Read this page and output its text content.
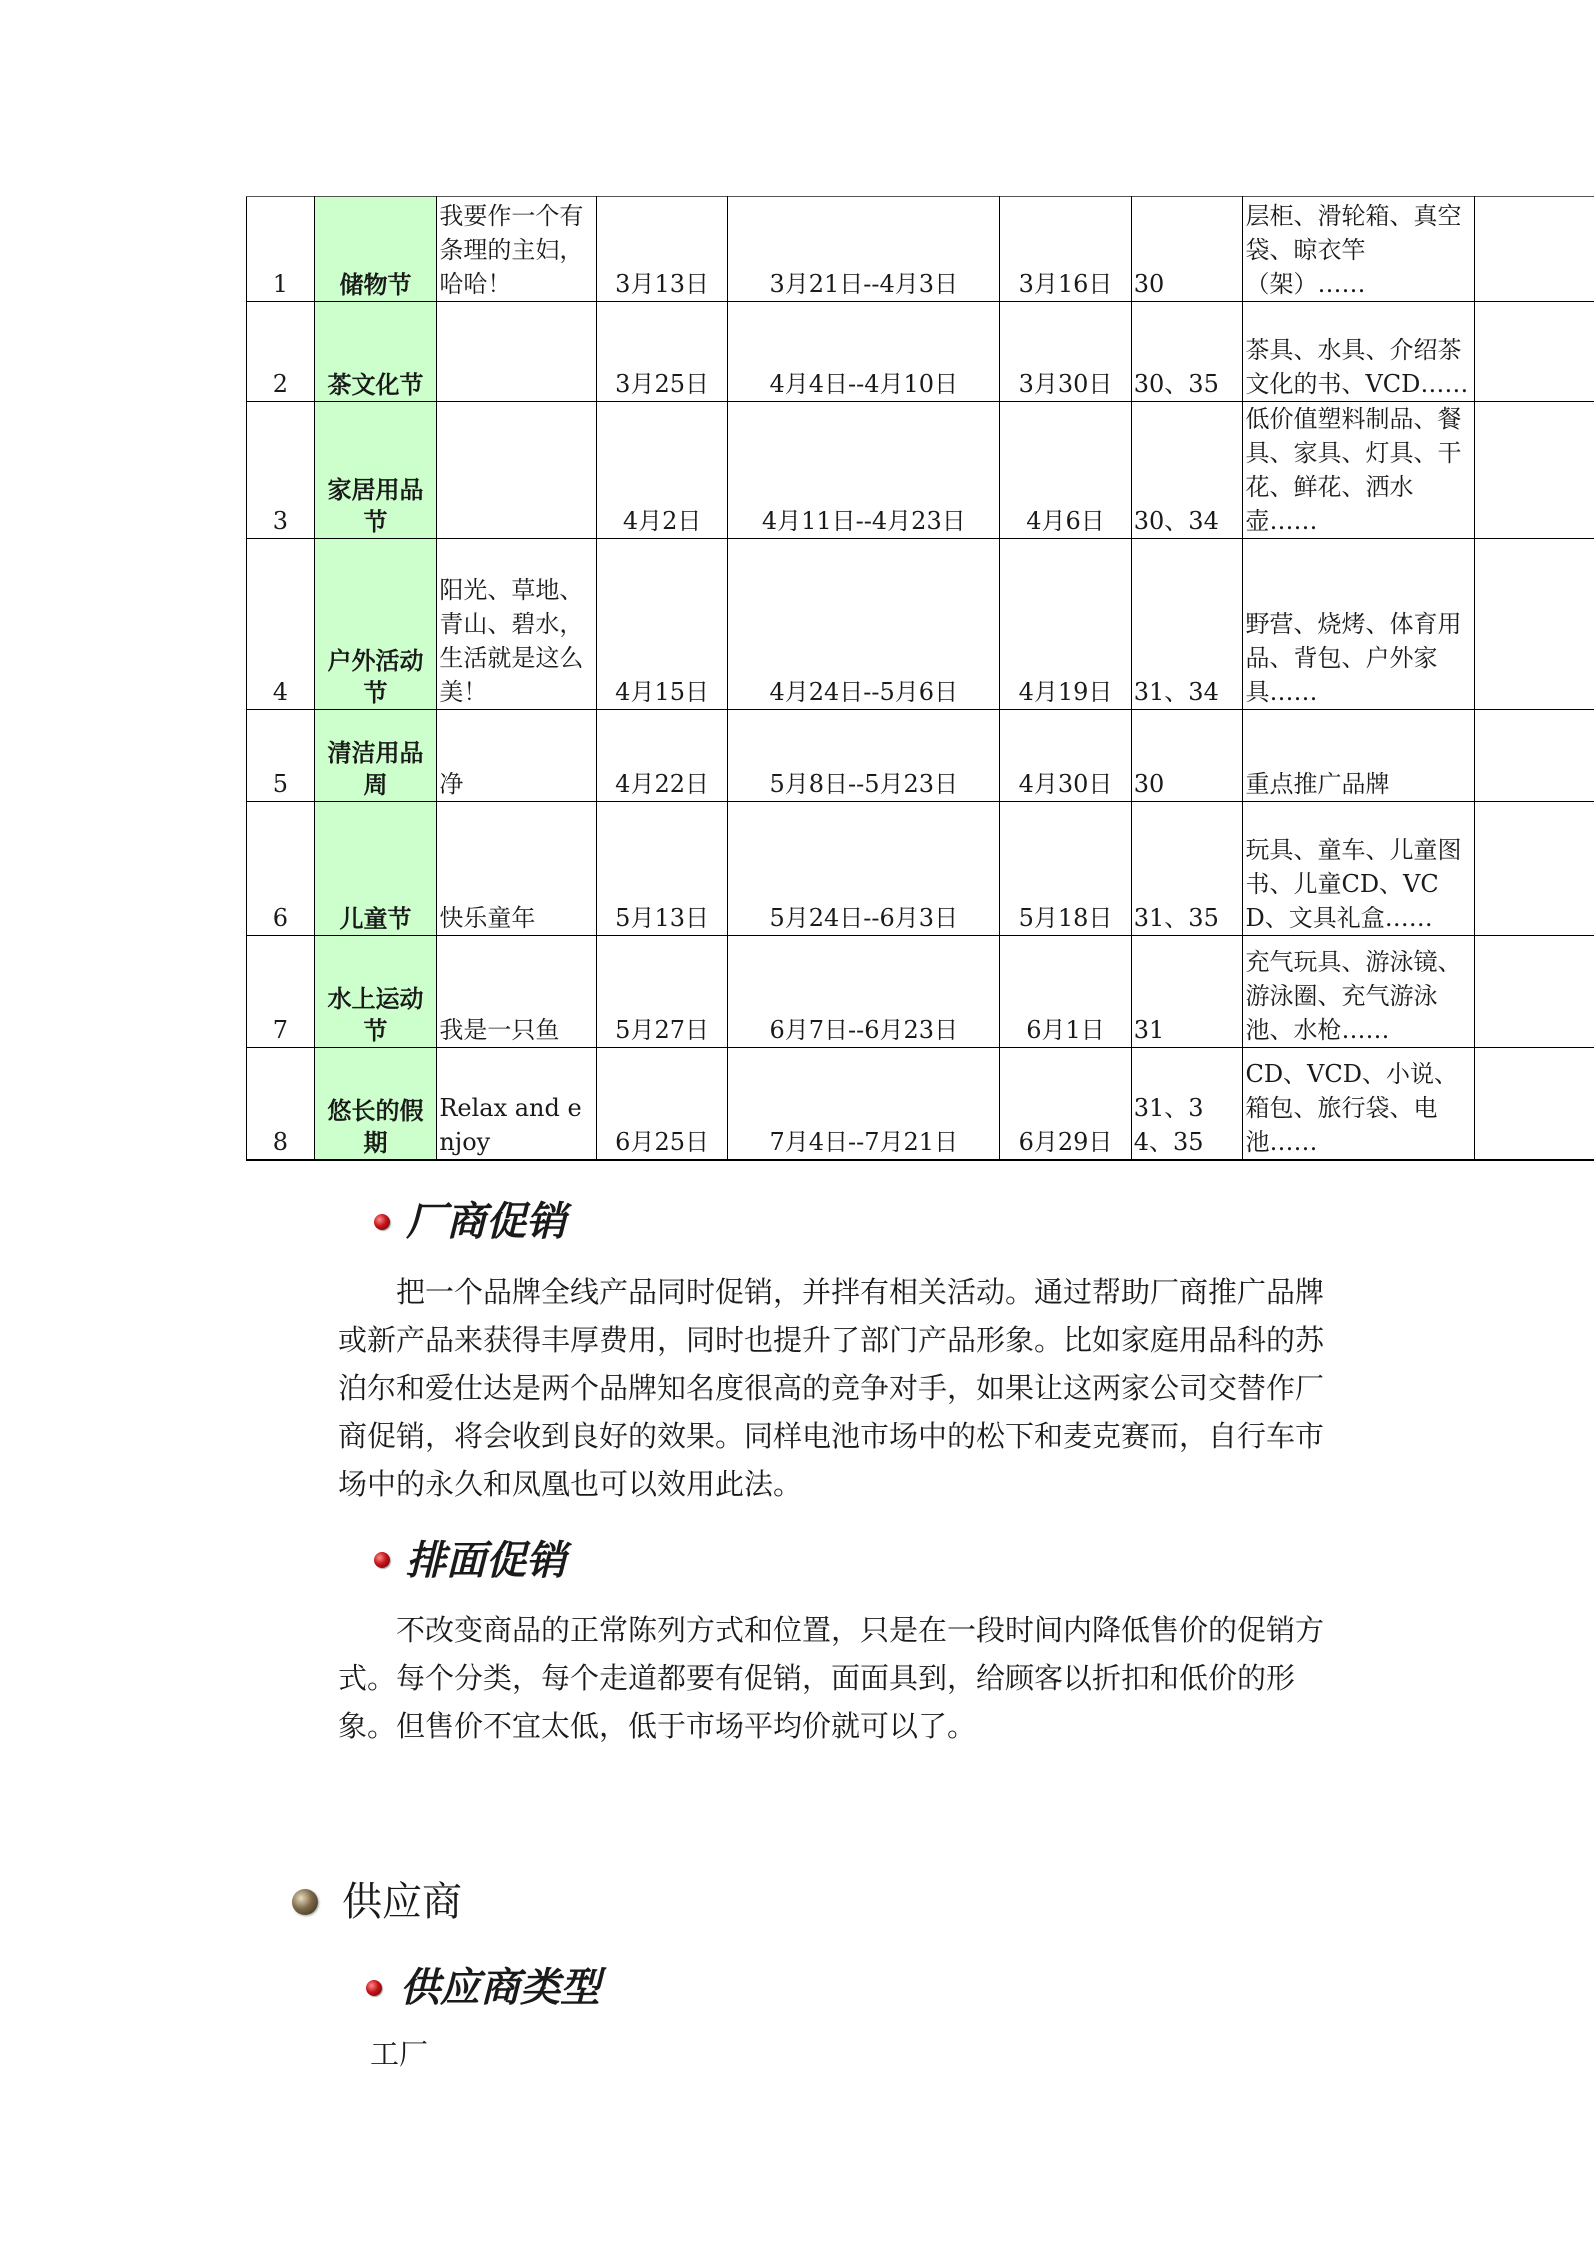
1	储物节	我要作一个有条理的主妇，哈哈！	3月13日	3月21日--4月3日	3月16日	30	层柜、滑轮箱、真空袋、晾衣竿（架）……	
2	茶文化节		3月25日	4月4日--4月10日	3月30日	30、35	茶具、水具、介绍茶文化的书、VCD……	
3	家居用品节		4月2日	4月11日--4月23日	4月6日	30、34	低价值塑料制品、餐具、家具、灯具、干花、鲜花、洒水壶……	
4	户外活动节	阳光、草地、青山、碧水，生活就是这么美！	4月15日	4月24日--5月6日	4月19日	31、34	野营、烧烤、体育用品、背包、户外家具……	
5	清洁用品周	净	4月22日	5月8日--5月23日	4月30日	30	重点推广品牌	
6	儿童节	快乐童年	5月13日	5月24日--6月3日	5月18日	31、35	玩具、童车、儿童图书、儿童CD、VCD、文具礼盒……	
7	水上运动节	我是一只鱼	5月27日	6月7日--6月23日	6月1日	31	充气玩具、游泳镜、游泳圈、充气游泳池、水枪……	
8	悠长的假期	Relax and enjoy	6月25日	7月4日--7月21日	6月29日	31、34、35	CD、VCD、小说、箱包、旅行袋、电池……	
厂商促销

把一个品牌全线产品同时促销，并拌有相关活动。通过帮助厂商推广品牌或新产品来获得丰厚费用，同时也提升了部门产品形象。比如家庭用品科的苏泊尔和爱仕达是两个品牌知名度很高的竞争对手，如果让这两家公司交替作厂商促销，将会收到良好的效果。同样电池市场中的松下和麦克赛而，自行车市场中的永久和凤凰也可以效用此法。

排面促销

不改变商品的正常陈列方式和位置，只是在一段时间内降低售价的促销方式。每个分类，每个走道都要有促销，面面具到，给顾客以折扣和低价的形象。但售价不宜太低，低于市场平均价就可以了。

供应商
供应商类型

工厂
